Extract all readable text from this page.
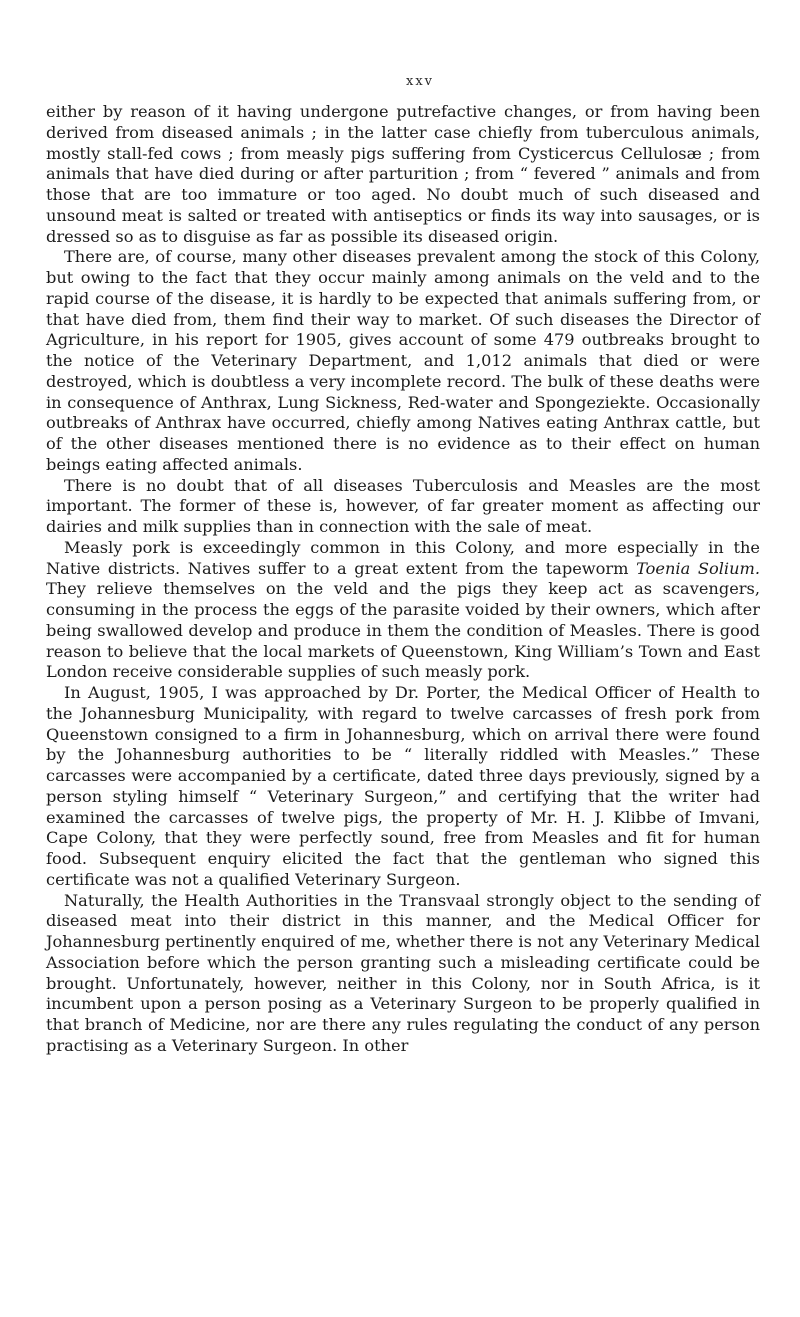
xxv

either by reason of it having undergone putrefactive changes, or from having been derived from diseased animals ; in the latter case chiefly from tuberculous animals, mostly stall-fed cows ; from measly pigs suffering from Cysticercus Cellulosæ ; from animals that have died during or after parturition ; from “ fevered ” animals and from those that are too immature or too aged. No doubt much of such diseased and unsound meat is salted or treated with antiseptics or finds its way into sausages, or is dressed so as to disguise as far as possible its diseased origin.

There are, of course, many other diseases prevalent among the stock of this Colony, but owing to the fact that they occur mainly among animals on the veld and to the rapid course of the disease, it is hardly to be expected that animals suffering from, or that have died from, them find their way to market. Of such diseases the Director of Agriculture, in his report for 1905, gives account of some 479 outbreaks brought to the notice of the Veterinary Department, and 1,012 animals that died or were destroyed, which is doubtless a very incomplete record. The bulk of these deaths were in consequence of Anthrax, Lung Sickness, Red-water and Spongeziekte. Occasionally outbreaks of Anthrax have occurred, chiefly among Natives eating Anthrax cattle, but of the other diseases mentioned there is no evidence as to their effect on human beings eating affected animals.

There is no doubt that of all diseases Tuberculosis and Measles are the most important. The former of these is, however, of far greater moment as affecting our dairies and milk supplies than in connection with the sale of meat.

Measly pork is exceedingly common in this Colony, and more especially in the Native districts. Natives suffer to a great extent from the tapeworm Toenia Solium. They relieve themselves on the veld and the pigs they keep act as scavengers, consuming in the process the eggs of the parasite voided by their owners, which after being swallowed develop and produce in them the condition of Measles. There is good reason to believe that the local markets of Queenstown, King William’s Town and East London receive considerable supplies of such measly pork.

In August, 1905, I was approached by Dr. Porter, the Medical Officer of Health to the Johannesburg Municipality, with regard to twelve carcasses of fresh pork from Queenstown consigned to a firm in Johannesburg, which on arrival there were found by the Johannesburg authorities to be “ literally riddled with Measles.” These carcasses were accompanied by a certificate, dated three days previously, signed by a person styling himself “ Veterinary Surgeon,” and certifying that the writer had examined the carcasses of twelve pigs, the property of Mr. H. J. Klibbe of Imvani, Cape Colony, that they were perfectly sound, free from Measles and fit for human food. Subsequent enquiry elicited the fact that the gentleman who signed this certificate was not a qualified Veterinary Surgeon.

Naturally, the Health Authorities in the Transvaal strongly object to the sending of diseased meat into their district in this manner, and the Medical Officer for Johannesburg pertinently enquired of me, whether there is not any Veterinary Medical Association before which the person granting such a misleading certificate could be brought. Unfortunately, however, neither in this Colony, nor in South Africa, is it incumbent upon a person posing as a Veterinary Surgeon to be properly qualified in that branch of Medicine, nor are there any rules regulating the conduct of any person practising as a Veterinary Surgeon. In other
